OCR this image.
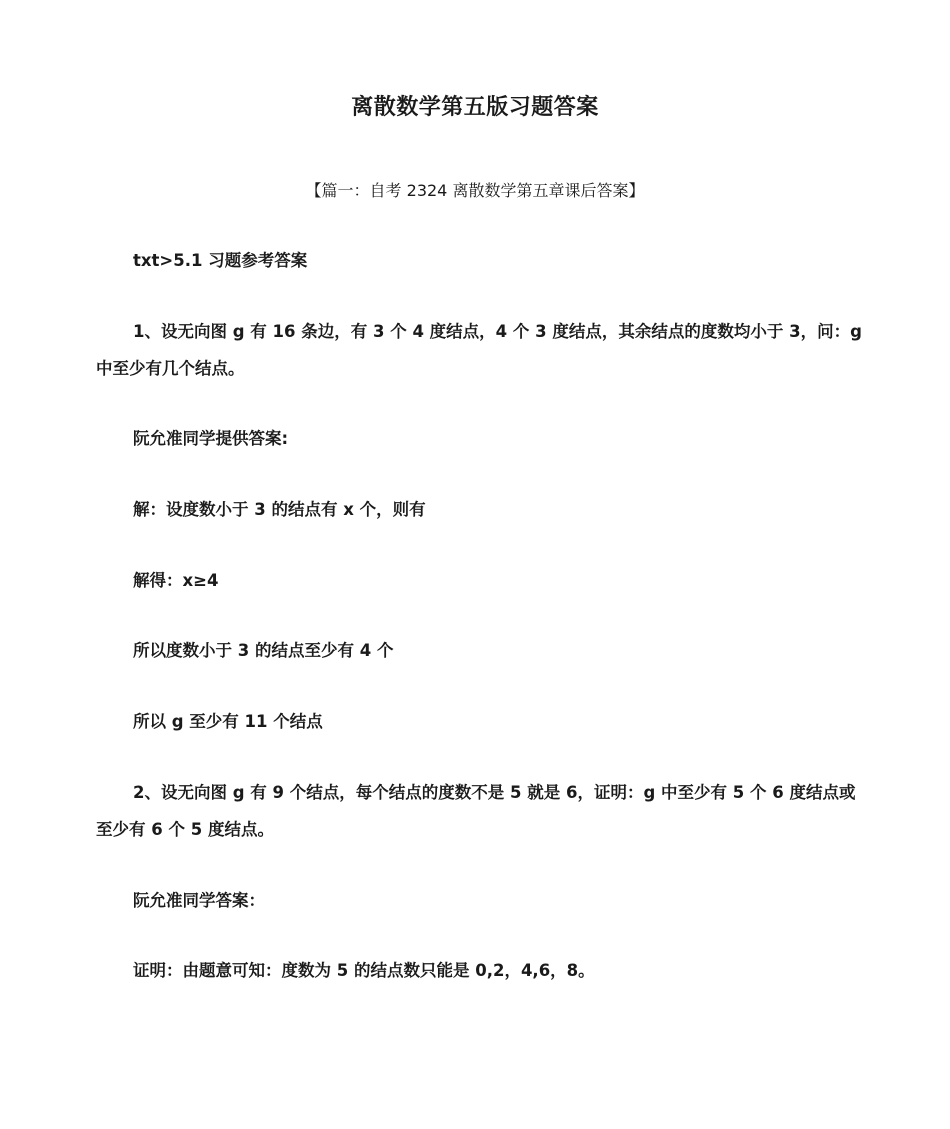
离散数学第五版习题答案
【篇一：自考 2324 离散数学第五章课后答案】

txt>5.1 习题参考答案

1、设无向图 g 有 16 条边，有 3 个 4 度结点，4 个 3 度结点，其余结点的度数均小于 3，问：g 中至少有几个结点。

阮允准同学提供答案:

解：设度数小于 3 的结点有 x 个，则有

解得：x≥4

所以度数小于 3 的结点至少有 4 个

所以 g 至少有 11 个结点

2、设无向图 g 有 9 个结点，每个结点的度数不是 5 就是 6，证明：g 中至少有 5 个 6 度结点或至少有 6 个 5 度结点。

阮允准同学答案：

证明：由题意可知：度数为 5 的结点数只能是 0,2，4,6，8。
